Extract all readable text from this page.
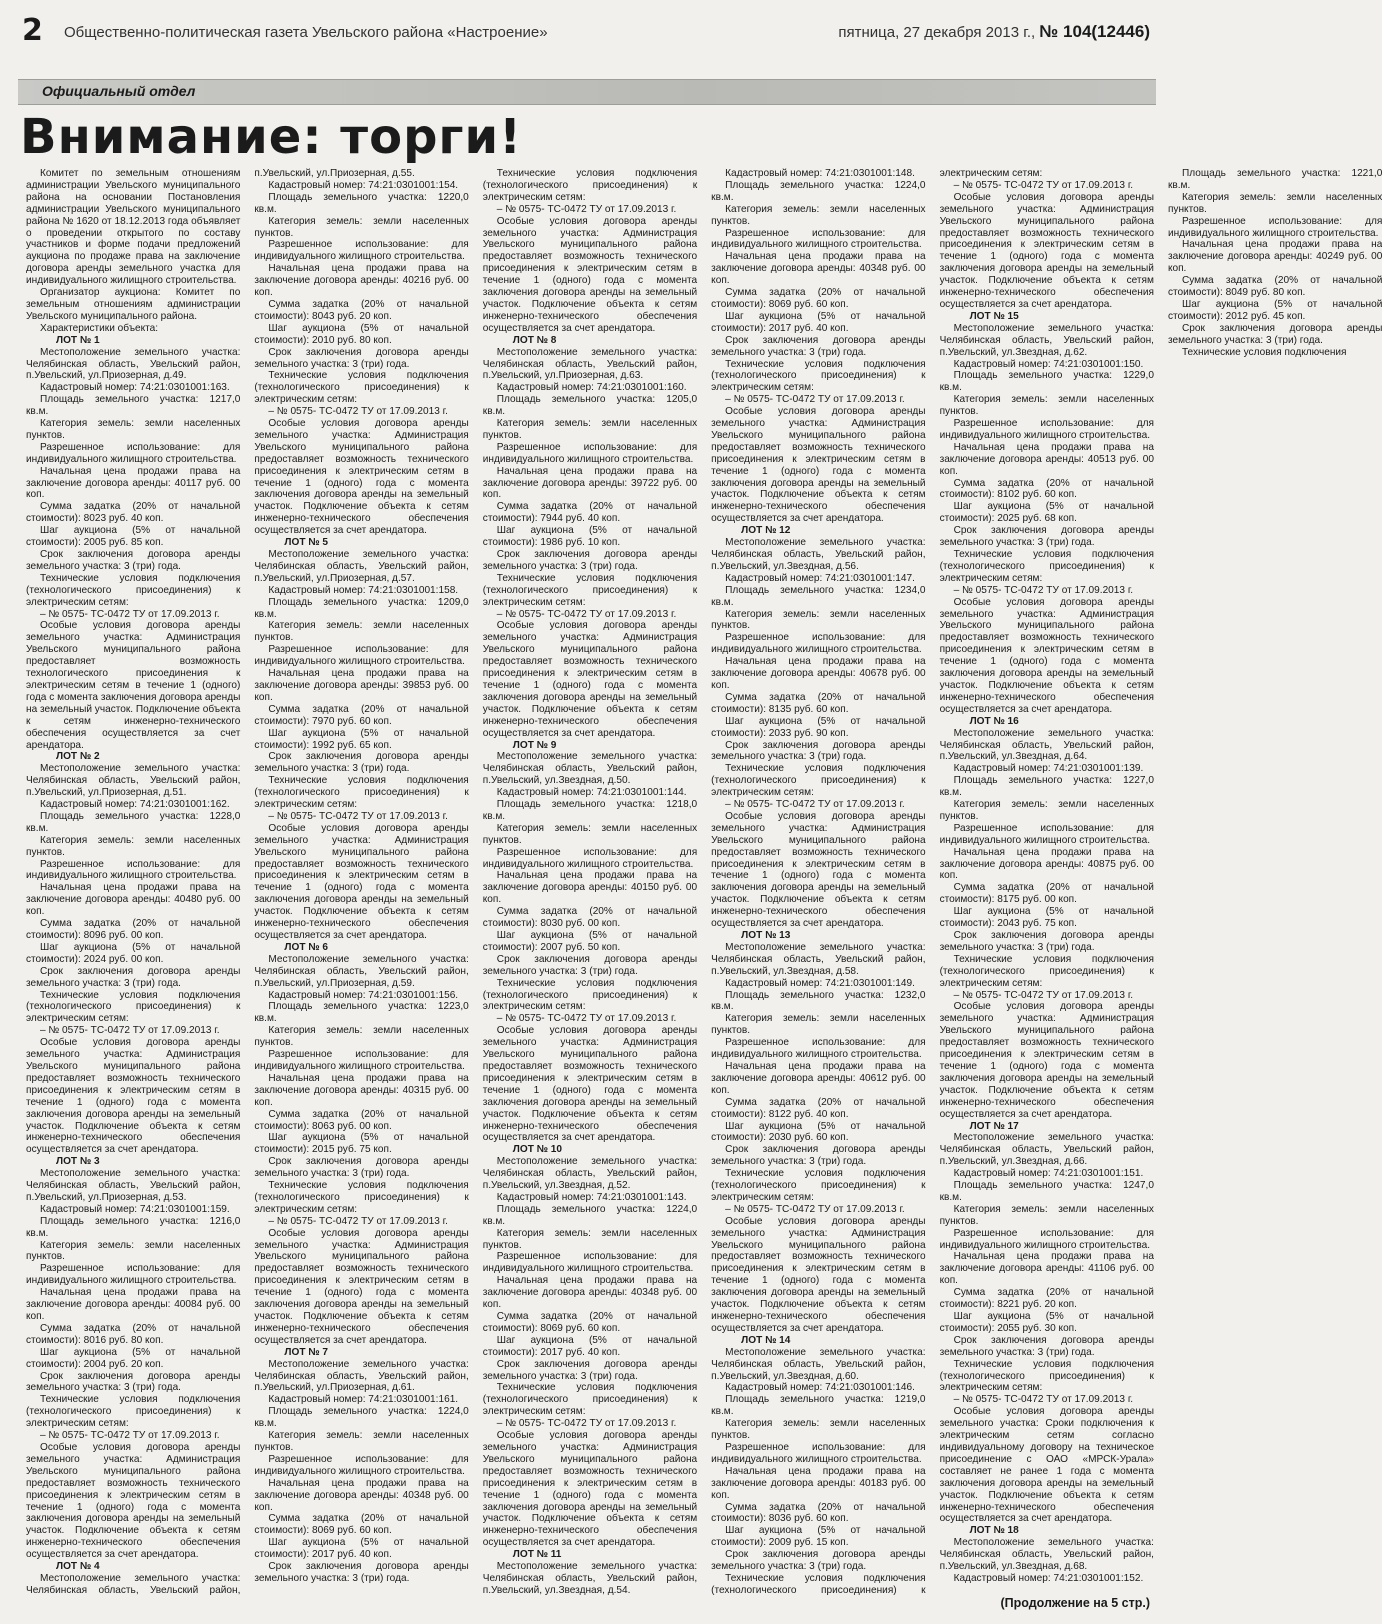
2 Общественно-политическая газета Увельского района «Настроение»	пятница, 27 декабря 2013 г., № 104(12446)
Официальный отдел
Внимание: торги!

Комитет по земельным отношениям администрации Увельского муниципального района на основании Постановления администрации Увельского муниципального района № 1620 от 18.12.2013 года объявляет о проведении открытого по составу участников и форме подачи предложений аукциона по продаже права на заключение договора аренды земельного участка для индивидуального жилищного строительства.

Организатор аукциона: Комитет по земельным отношениям администрации Увельского муниципального района.

Характеристики объекта:

ЛОТ № 1

Местоположение земельного участка: Челябинская область, Увельский район, п.Увельский, ул.Приозерная, д.49.

Кадастровый номер: 74:21:0301001:163.

Площадь земельного участка: 1217,0 кв.м.

Категория земель: земли населенных пунктов.

Разрешенное использование: для индивидуального жилищного строительства.

Начальная цена продажи права на заключение договора аренды: 40117 руб. 00 коп.

Сумма задатка (20% от начальной стоимости): 8023 руб. 40 коп.

Шаг аукциона (5% от начальной стоимости): 2005 руб. 85 коп.

Срок заключения договора аренды земельного участка: 3 (три) года.

Технические условия подключения (технологического присоединения) к электрическим сетям:

– № 0575- ТС-0472 ТУ от 17.09.2013 г.

Особые условия договора аренды земельного участка: Администрация Увельского муниципального района предоставляет возможность технологического присоединения к электрическим сетям в течение 1 (одного) года с момента заключения договора аренды на земельный участок. Подключение объекта к сетям инженерно-технического обеспечения осуществляется за счет арендатора.

ЛОТ № 2

Местоположение земельного участка: Челябинская область, Увельский район, п.Увельский, ул.Приозерная, д.51.

Кадастровый номер: 74:21:0301001:162.

Площадь земельного участка: 1228,0 кв.м.

Категория земель: земли населенных пунктов.

Разрешенное использование: для индивидуального жилищного строительства.

Начальная цена продажи права на заключение договора аренды: 40480 руб. 00 коп.

Сумма задатка (20% от начальной стоимости): 8096 руб. 00 коп.

Шаг аукциона (5% от начальной стоимости): 2024 руб. 00 коп.

Срок заключения договора аренды земельного участка: 3 (три) года.

Технические условия подключения (технологического присоединения) к электрическим сетям:

– № 0575- ТС-0472 ТУ от 17.09.2013 г.

Особые условия договора аренды земельного участка: Администрация Увельского муниципального района предоставляет возможность технического присоединения к электрическим сетям в течение 1 (одного) года с момента заключения договора аренды на земельный участок. Подключение объекта к сетям инженерно-технического обеспечения осуществляется за счет арендатора.

ЛОТ № 3

Местоположение земельного участка: Челябинская область, Увельский район, п.Увельский, ул.Приозерная, д.53.

Кадастровый номер: 74:21:0301001:159.

Площадь земельного участка: 1216,0 кв.м.

Категория земель: земли населенных пунктов.

Разрешенное использование: для индивидуального жилищного строительства.

Начальная цена продажи права на заключение договора аренды: 40084 руб. 00 коп.

Сумма задатка (20% от начальной стоимости): 8016 руб. 80 коп.

Шаг аукциона (5% от начальной стоимости): 2004 руб. 20 коп.

Срок заключения договора аренды земельного участка: 3 (три) года.

Технические условия подключения (технологического присоединения) к электрическим сетям:

– № 0575- ТС-0472 ТУ от 17.09.2013 г.

Особые условия договора аренды земельного участка: Администрация Увельского муниципального района предоставляет возможность технического присоединения к электрическим сетям в течение 1 (одного) года с момента заключения договора аренды на земельный участок. Подключение объекта к сетям инженерно-технического обеспечения осуществляется за счет арендатора.

ЛОТ № 4

Местоположение земельного участка: Челябинская область, Увельский район, п.Увельский, ул.Приозерная, д.55.

Кадастровый номер: 74:21:0301001:154.

Площадь земельного участка: 1220,0 кв.м.

Категория земель: земли населенных пунктов.

Разрешенное использование: для индивидуального жилищного строительства.

Начальная цена продажи права на заключение договора аренды: 40216 руб. 00 коп.

Сумма задатка (20% от начальной стоимости): 8043 руб. 20 коп.

Шаг аукциона (5% от начальной стоимости): 2010 руб. 80 коп.

Срок заключения договора аренды земельного участка: 3 (три) года.

Технические условия подключения (технологического присоединения) к электрическим сетям:

– № 0575- ТС-0472 ТУ от 17.09.2013 г.

Особые условия договора аренды земельного участка: Администрация Увельского муниципального района предоставляет возможность технического присоединения к электрическим сетям в течение 1 (одного) года с момента заключения договора аренды на земельный участок. Подключение объекта к сетям инженерно-технического обеспечения осуществляется за счет арендатора.

ЛОТ № 5

Местоположение земельного участка: Челябинская область, Увельский район, п.Увельский, ул.Приозерная, д.57.

Кадастровый номер: 74:21:0301001:158.

Площадь земельного участка: 1209,0 кв.м.

Категория земель: земли населенных пунктов.

Разрешенное использование: для индивидуального жилищного строительства.

Начальная цена продажи права на заключение договора аренды: 39853 руб. 00 коп.

Сумма задатка (20% от начальной стоимости): 7970 руб. 60 коп.

Шаг аукциона (5% от начальной стоимости): 1992 руб. 65 коп.

Срок заключения договора аренды земельного участка: 3 (три) года.

Технические условия подключения (технологического присоединения) к электрическим сетям:

– № 0575- ТС-0472 ТУ от 17.09.2013 г.

Особые условия договора аренды земельного участка: Администрация Увельского муниципального района предоставляет возможность технического присоединения к электрическим сетям в течение 1 (одного) года с момента заключения договора аренды на земельный участок. Подключение объекта к сетям инженерно-технического обеспечения осуществляется за счет арендатора.

ЛОТ № 6

Местоположение земельного участка: Челябинская область, Увельский район, п.Увельский, ул.Приозерная, д.59.

Кадастровый номер: 74:21:0301001:156.

Площадь земельного участка: 1223,0 кв.м.

Категория земель: земли населенных пунктов.

Разрешенное использование: для индивидуального жилищного строительства.

Начальная цена продажи права на заключение договора аренды: 40315 руб. 00 коп.

Сумма задатка (20% от начальной стоимости): 8063 руб. 00 коп.

Шаг аукциона (5% от начальной стоимости): 2015 руб. 75 коп.

Срок заключения договора аренды земельного участка: 3 (три) года.

Технические условия подключения (технологического присоединения) к электрическим сетям:

– № 0575- ТС-0472 ТУ от 17.09.2013 г.

Особые условия договора аренды земельного участка: Администрация Увельского муниципального района предоставляет возможность технического присоединения к электрическим сетям в течение 1 (одного) года с момента заключения договора аренды на земельный участок. Подключение объекта к сетям инженерно-технического обеспечения осуществляется за счет арендатора.

ЛОТ № 7

Местоположение земельного участка: Челябинская область, Увельский район, п.Увельский, ул.Приозерная, д.61.

Кадастровый номер: 74:21:0301001:161.

Площадь земельного участка: 1224,0 кв.м.

Категория земель: земли населенных пунктов.

Разрешенное использование: для индивидуального жилищного строительства.

Начальная цена продажи права на заключение договора аренды: 40348 руб. 00 коп.

Сумма задатка (20% от начальной стоимости): 8069 руб. 60 коп.

Шаг аукциона (5% от начальной стоимости): 2017 руб. 40 коп.

Срок заключения договора аренды земельного участка: 3 (три) года.

Технические условия подключения (технологического присоединения) к электрическим сетям:

– № 0575- ТС-0472 ТУ от 17.09.2013 г.

Особые условия договора аренды земельного участка: Администрация Увельского муниципального района предоставляет возможность технического присоединения к электрическим сетям в течение 1 (одного) года с момента заключения договора аренды на земельный участок. Подключение объекта к сетям инженерно-технического обеспечения осуществляется за счет арендатора.

ЛОТ № 8

Местоположение земельного участка: Челябинская область, Увельский район, п.Увельский, ул.Приозерная, д.63.

Кадастровый номер: 74:21:0301001:160.

Площадь земельного участка: 1205,0 кв.м.

Категория земель: земли населенных пунктов.

Разрешенное использование: для индивидуального жилищного строительства.

Начальная цена продажи права на заключение договора аренды: 39722 руб. 00 коп.

Сумма задатка (20% от начальной стоимости): 7944 руб. 40 коп.

Шаг аукциона (5% от начальной стоимости): 1986 руб. 10 коп.

Срок заключения договора аренды земельного участка: 3 (три) года.

Технические условия подключения (технологического присоединения) к электрическим сетям:

– № 0575- ТС-0472 ТУ от 17.09.2013 г.

Особые условия договора аренды земельного участка: Администрация Увельского муниципального района предоставляет возможность технического присоединения к электрическим сетям в течение 1 (одного) года с момента заключения договора аренды на земельный участок. Подключение объекта к сетям инженерно-технического обеспечения осуществляется за счет арендатора.

ЛОТ № 9

Местоположение земельного участка: Челябинская область, Увельский район, п.Увельский, ул.Звездная, д.50.

Кадастровый номер: 74:21:0301001:144.

Площадь земельного участка: 1218,0 кв.м.

Категория земель: земли населенных пунктов.

Разрешенное использование: для индивидуального жилищного строительства.

Начальная цена продажи права на заключение договора аренды: 40150 руб. 00 коп.

Сумма задатка (20% от начальной стоимости): 8030 руб. 00 коп.

Шаг аукциона (5% от начальной стоимости): 2007 руб. 50 коп.

Срок заключения договора аренды земельного участка: 3 (три) года.

Технические условия подключения (технологического присоединения) к электрическим сетям:

– № 0575- ТС-0472 ТУ от 17.09.2013 г.

Особые условия договора аренды земельного участка: Администрация Увельского муниципального района предоставляет возможность технического присоединения к электрическим сетям в течение 1 (одного) года с момента заключения договора аренды на земельный участок. Подключение объекта к сетям инженерно-технического обеспечения осуществляется за счет арендатора.

ЛОТ № 10

Местоположение земельного участка: Челябинская область, Увельский район, п.Увельский, ул.Звездная, д.52.

Кадастровый номер: 74:21:0301001:143.

Площадь земельного участка: 1224,0 кв.м.

Категория земель: земли населенных пунктов.

Разрешенное использование: для индивидуального жилищного строительства.

Начальная цена продажи права на заключение договора аренды: 40348 руб. 00 коп.

Сумма задатка (20% от начальной стоимости): 8069 руб. 60 коп.

Шаг аукциона (5% от начальной стоимости): 2017 руб. 40 коп.

Срок заключения договора аренды земельного участка: 3 (три) года.

Технические условия подключения (технологического присоединения) к электрическим сетям:

– № 0575- ТС-0472 ТУ от 17.09.2013 г.

Особые условия договора аренды земельного участка: Администрация Увельского муниципального района предоставляет возможность технического присоединения к электрическим сетям в течение 1 (одного) года с момента заключения договора аренды на земельный участок. Подключение объекта к сетям инженерно-технического обеспечения осуществляется за счет арендатора.

ЛОТ № 11

Местоположение земельного участка: Челябинская область, Увельский район, п.Увельский, ул.Звездная, д.54.

Кадастровый номер: 74:21:0301001:148.

Площадь земельного участка: 1224,0 кв.м.

Категория земель: земли населенных пунктов.

Разрешенное использование: для индивидуального жилищного строительства.

Начальная цена продажи права на заключение договора аренды: 40348 руб. 00 коп.

Сумма задатка (20% от начальной стоимости): 8069 руб. 60 коп.

Шаг аукциона (5% от начальной стоимости): 2017 руб. 40 коп.

Срок заключения договора аренды земельного участка: 3 (три) года.

Технические условия подключения (технологического присоединения) к электрическим сетям:

– № 0575- ТС-0472 ТУ от 17.09.2013 г.

Особые условия договора аренды земельного участка: Администрация Увельского муниципального района предоставляет возможность технического присоединения к электрическим сетям в течение 1 (одного) года с момента заключения договора аренды на земельный участок. Подключение объекта к сетям инженерно-технического обеспечения осуществляется за счет арендатора.

ЛОТ № 12

Местоположение земельного участка: Челябинская область, Увельский район, п.Увельский, ул.Звездная, д.56.

Кадастровый номер: 74:21:0301001:147.

Площадь земельного участка: 1234,0 кв.м.

Категория земель: земли населенных пунктов.

Разрешенное использование: для индивидуального жилищного строительства.

Начальная цена продажи права на заключение договора аренды: 40678 руб. 00 коп.

Сумма задатка (20% от начальной стоимости): 8135 руб. 60 коп.

Шаг аукциона (5% от начальной стоимости): 2033 руб. 90 коп.

Срок заключения договора аренды земельного участка: 3 (три) года.

Технические условия подключения (технологического присоединения) к электрическим сетям:

– № 0575- ТС-0472 ТУ от 17.09.2013 г.

Особые условия договора аренды земельного участка: Администрация Увельского муниципального района предоставляет возможность технического присоединения к электрическим сетям в течение 1 (одного) года с момента заключения договора аренды на земельный участок. Подключение объекта к сетям инженерно-технического обеспечения осуществляется за счет арендатора.

ЛОТ № 13

Местоположение земельного участка: Челябинская область, Увельский район, п.Увельский, ул.Звездная, д.58.

Кадастровый номер: 74:21:0301001:149.

Площадь земельного участка: 1232,0 кв.м.

Категория земель: земли населенных пунктов.

Разрешенное использование: для индивидуального жилищного строительства.

Начальная цена продажи права на заключение договора аренды: 40612 руб. 00 коп.

Сумма задатка (20% от начальной стоимости): 8122 руб. 40 коп.

Шаг аукциона (5% от начальной стоимости): 2030 руб. 60 коп.

Срок заключения договора аренды земельного участка: 3 (три) года.

Технические условия подключения (технологического присоединения) к электрическим сетям:

– № 0575- ТС-0472 ТУ от 17.09.2013 г.

Особые условия договора аренды земельного участка: Администрация Увельского муниципального района предоставляет возможность технического присоединения к электрическим сетям в течение 1 (одного) года с момента заключения договора аренды на земельный участок. Подключение объекта к сетям инженерно-технического обеспечения осуществляется за счет арендатора.

ЛОТ № 14

Местоположение земельного участка: Челябинская область, Увельский район, п.Увельский, ул.Звездная, д.60.

Кадастровый номер: 74:21:0301001:146.

Площадь земельного участка: 1219,0 кв.м.

Категория земель: земли населенных пунктов.

Разрешенное использование: для индивидуального жилищного строительства.

Начальная цена продажи права на заключение договора аренды: 40183 руб. 00 коп.

Сумма задатка (20% от начальной стоимости): 8036 руб. 60 коп.

Шаг аукциона (5% от начальной стоимости): 2009 руб. 15 коп.

Срок заключения договора аренды земельного участка: 3 (три) года.

Технические условия подключения (технологического присоединения) к электрическим сетям:

– № 0575- ТС-0472 ТУ от 17.09.2013 г.

Особые условия договора аренды земельного участка: Администрация Увельского муниципального района предоставляет возможность технического присоединения к электрическим сетям в течение 1 (одного) года с момента заключения договора аренды на земельный участок. Подключение объекта к сетям инженерно-технического обеспечения осуществляется за счет арендатора.

ЛОТ № 15

Местоположение земельного участка: Челябинская область, Увельский район, п.Увельский, ул.Звездная, д.62.

Кадастровый номер: 74:21:0301001:150.

Площадь земельного участка: 1229,0 кв.м.

Категория земель: земли населенных пунктов.

Разрешенное использование: для индивидуального жилищного строительства.

Начальная цена продажи права на заключение договора аренды: 40513 руб. 00 коп.

Сумма задатка (20% от начальной стоимости): 8102 руб. 60 коп.

Шаг аукциона (5% от начальной стоимости): 2025 руб. 68 коп.

Срок заключения договора аренды земельного участка: 3 (три) года.

Технические условия подключения (технологического присоединения) к электрическим сетям:

– № 0575- ТС-0472 ТУ от 17.09.2013 г.

Особые условия договора аренды земельного участка: Администрация Увельского муниципального района предоставляет возможность технического присоединения к электрическим сетям в течение 1 (одного) года с момента заключения договора аренды на земельный участок. Подключение объекта к сетям инженерно-технического обеспечения осуществляется за счет арендатора.

ЛОТ № 16

Местоположение земельного участка: Челябинская область, Увельский район, п.Увельский, ул.Звездная, д.64.

Кадастровый номер: 74:21:0301001:139.

Площадь земельного участка: 1227,0 кв.м.

Категория земель: земли населенных пунктов.

Разрешенное использование: для индивидуального жилищного строительства.

Начальная цена продажи права на заключение договора аренды: 40875 руб. 00 коп.

Сумма задатка (20% от начальной стоимости): 8175 руб. 00 коп.

Шаг аукциона (5% от начальной стоимости): 2043 руб. 75 коп.

Срок заключения договора аренды земельного участка: 3 (три) года.

Технические условия подключения (технологического присоединения) к электрическим сетям:

– № 0575- ТС-0472 ТУ от 17.09.2013 г.

Особые условия договора аренды земельного участка: Администрация Увельского муниципального района предоставляет возможность технического присоединения к электрическим сетям в течение 1 (одного) года с момента заключения договора аренды на земельный участок. Подключение объекта к сетям инженерно-технического обеспечения осуществляется за счет арендатора.

ЛОТ № 17

Местоположение земельного участка: Челябинская область, Увельский район, п.Увельский, ул.Звездная, д.66.

Кадастровый номер: 74:21:0301001:151.

Площадь земельного участка: 1247,0 кв.м.

Категория земель: земли населенных пунктов.

Разрешенное использование: для индивидуального жилищного строительства.

Начальная цена продажи права на заключение договора аренды: 41106 руб. 00 коп.

Сумма задатка (20% от начальной стоимости): 8221 руб. 20 коп.

Шаг аукциона (5% от начальной стоимости): 2055 руб. 30 коп.

Срок заключения договора аренды земельного участка: 3 (три) года.

Технические условия подключения (технологического присоединения) к электрическим сетям:

– № 0575- ТС-0472 ТУ от 17.09.2013 г.

Особые условия договора аренды земельного участка: Сроки подключения к электрическим сетям согласно индивидуальному договору на техническое присоединение с ОАО «МРСК-Урала» составляет не ранее 1 года с момента заключения договора аренды на земельный участок. Подключение объекта к сетям инженерно-технического обеспечения осуществляется за счет арендатора.

ЛОТ № 18

Местоположение земельного участка: Челябинская область, Увельский район, п.Увельский, ул.Звездная, д.68.

Кадастровый номер: 74:21:0301001:152.

Площадь земельного участка: 1221,0 кв.м.

Категория земель: земли населенных пунктов.

Разрешенное использование: для индивидуального жилищного строительства.

Начальная цена продажи права на заключение договора аренды: 40249 руб. 00 коп.

Сумма задатка (20% от начальной стоимости): 8049 руб. 80 коп.

Шаг аукциона (5% от начальной стоимости): 2012 руб. 45 коп.

Срок заключения договора аренды земельного участка: 3 (три) года.

Технические условия подключения

(Продолжение на 5 стр.)
